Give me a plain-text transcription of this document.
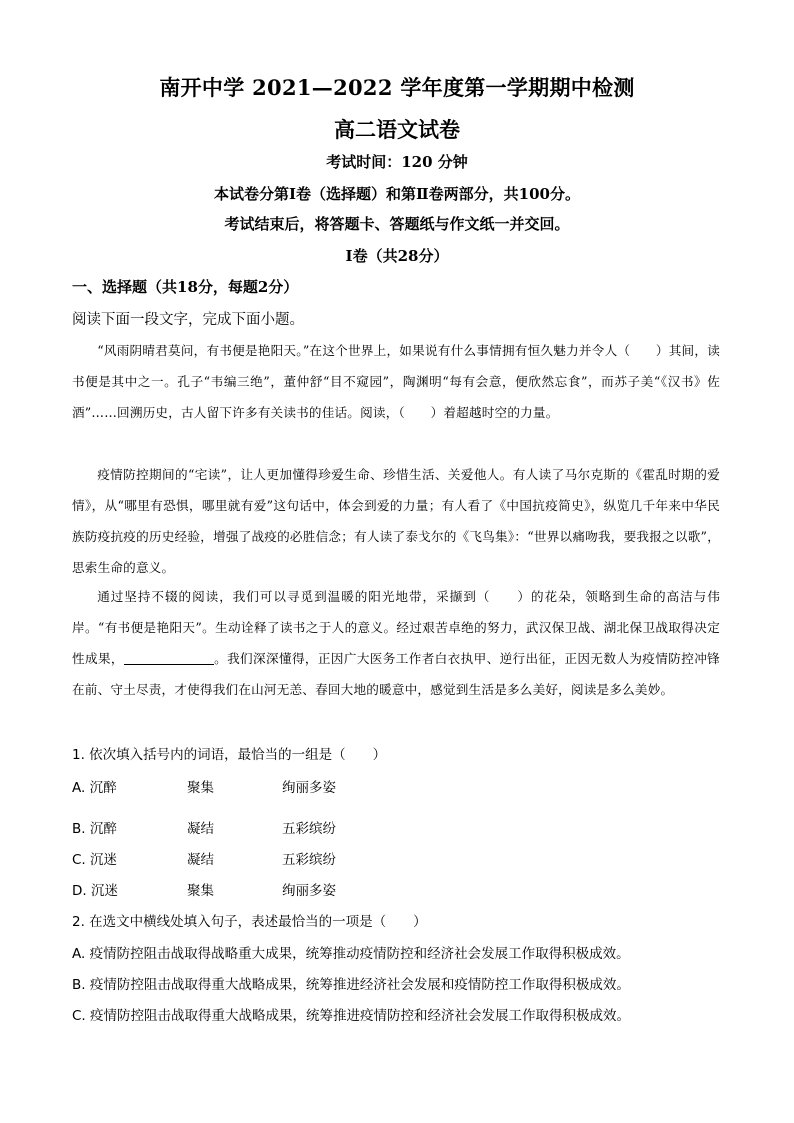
南开中学 2021—2022 学年度第一学期期中检测
高二语文试卷
考试时间：120 分钟
本试卷分第Ⅰ卷（选择题）和第Ⅱ卷两部分，共100分。
考试结束后，将答题卡、答题纸与作文纸一并交回。
Ⅰ卷（共28分）
一、选择题（共18分，每题2分）
阅读下面一段文字，完成下面小题。

“风雨阴晴君莫问，有书便是艳阳天。”在这个世界上，如果说有什么事情拥有恒久魅力并令人（　　）其间，读书便是其中之一。孔子“韦编三绝”，董仲舒“目不窥园”，陶渊明“每有会意，便欣然忘食”，而苏子美“《汉书》佐酒”……回溯历史，古人留下许多有关读书的佳话。阅读，（　　）着超越时空的力量。

疫情防控期间的“宅读”，让人更加懂得珍爱生命、珍惜生活、关爱他人。有人读了马尔克斯的《霍乱时期的爱情》，从“哪里有恐惧，哪里就有爱”这句话中，体会到爱的力量；有人看了《中国抗疫简史》，纵览几千年来中华民族防疫抗疫的历史经验，增强了战疫的必胜信念；有人读了泰戈尔的《飞鸟集》：“世界以痛吻我，要我报之以歌”，思索生命的意义。

通过坚持不辍的阅读，我们可以寻觅到温暖的阳光地带，采撷到（　　）的花朵，领略到生命的高洁与伟岸。“有书便是艳阳天”。生动诠释了读书之于人的意义。经过艰苦卓绝的努力，武汉保卫战、湖北保卫战取得决定性成果，	。我们深深懂得，正因广大医务工作者白衣执甲、逆行出征，正因无数人为疫情防控冲锋在前、守土尽责，才使得我们在山河无恙、春回大地的暖意中，感觉到生活是多么美好，阅读是多么美妙。

1. 依次填入括号内的词语，最恰当的一组是（　　）
A. 沉醉	聚集	绚丽多姿
B. 沉醉	凝结	五彩缤纷
C. 沉迷	凝结	五彩缤纷
D. 沉迷	聚集	绚丽多姿
2. 在选文中横线处填入句子，表述最恰当的一项是（　　）
A. 疫情防控阻击战取得战略重大成果，统筹推动疫情防控和经济社会发展工作取得积极成效。
B. 疫情防控阻击战取得重大战略成果，统筹推进经济社会发展和疫情防控工作取得积极成效。
C. 疫情防控阻击战取得重大战略成果，统筹推进疫情防控和经济社会发展工作取得积极成效。
